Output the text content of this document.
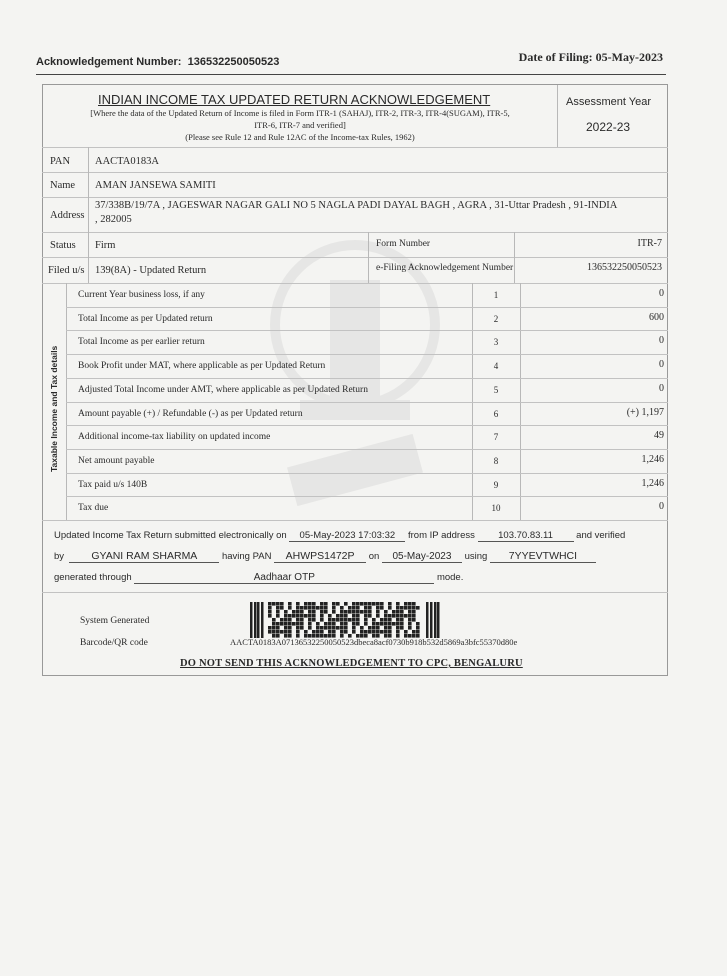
Acknowledgement Number: 136532250050523	Date of Filing: 05-May-2023
INDIAN INCOME TAX UPDATED RETURN ACKNOWLEDGEMENT
[Where the data of the Updated Return of Income is filed in Form ITR-1 (SAHAJ), ITR-2, ITR-3, ITR-4(SUGAM), ITR-5,
ITR-6, ITR-7 and verified]
(Please see Rule 12 and Rule 12AC of the Income-tax Rules, 1962)
Assessment Year
2022-23
PAN AACTA0183A
Name AMAN JANSEWA SAMITI
Address
37/338B/19/7A , JAGESWAR NAGAR GALI NO 5 NAGLA PADI DAYAL BAGH , AGRA , 31-Uttar Pradesh , 91-INDIA
, 282005
Status Firm	Form Number	ITR-7
Filed u/s 139(8A) - Updated Return	e-Filing Acknowledgement Number	136532250050523
Taxable Income and Tax details
Current Year business loss, if any	1	0
Total Income as per Updated return	2	600
Total Income as per earlier return	3	0
Book Profit under MAT, where applicable as per Updated Return	4	0
Adjusted Total Income under AMT, where applicable as per Updated Return	5	0
Amount payable (+) / Refundable (-) as per Updated return	6	(+) 1,197
Additional income-tax liability on updated income	7	49
Net amount payable	8	1,246
Tax paid u/s 140B	9	1,246
Tax due	10	0
Updated Income Tax Return submitted electronically on 05-May-2023 17:03:32 from IP address 103.70.83.11 and verified
by	GYANI RAM SHARMA	having PAN AHWPS1472P on 05-May-2023 using 7YYEVTWHCI
generated through	Aadhaar OTP	mode.
System Generated
Barcode/QR code	AACTA0183A07136532250050523dbeca8acf0730b918b532d5869a3bfc55370d80e
DO NOT SEND THIS ACKNOWLEDGEMENT TO CPC, BENGALURU
